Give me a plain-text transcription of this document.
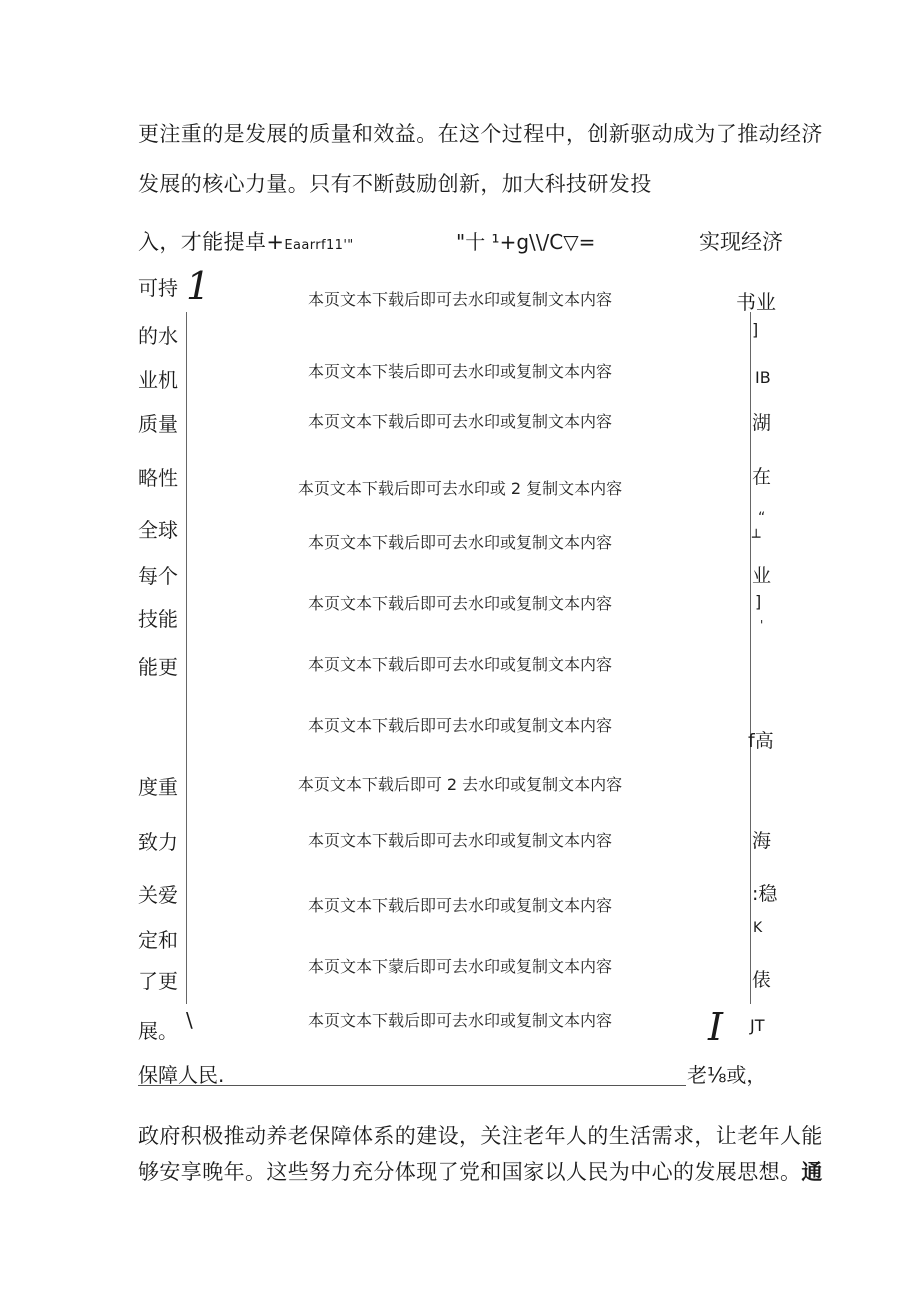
更注重的是发展的质量和效益。在这个过程中，创新驱动成为了推动经济
发展的核心力量。只有不断鼓励创新，加大科技研发投
入，才能提卓+Eaarrf11'"	"十 ¹+g\\/C▽=	实现经济
1
I
\
可持
的水
业机
质量
略性
全球
每个
技能
能更
度重
致力
关爱
定和
了更
展。
书业
]
IB
湖
在
“
┴
业
]
'
f高
海
:稳
K
俵
JT
本页文本下载后即可去水印或复制文本内容
本页文本下装后即可去水印或复制文本内容
本页文本下载后即可去水印或复制文本内容
本页文本下载后即可去水印或 2 复制文本内容
本页文本下载后即可去水印或复制文本内容
本页文本下载后即可去水印或复制文本内容
本页文本下载后即可去水印或复制文本内容
本页文本下载后即可去水印或复制文本内容
本页文本下载后即可 2 去水印或复制文本内容
本页文本下载后即可去水印或复制文本内容
本页文本下载后即可去水印或复制文本内容
本页文本下蒙后即可去水印或复制文本内容
本页文本下载后即可去水印或复制文本内容
保障人民.	老⅛或，
政府积极推动养老保障体系的建设，关注老年人的生活需求，让老年人能
够安享晚年。这些努力充分体现了党和国家以人民为中心的发展思想。通
